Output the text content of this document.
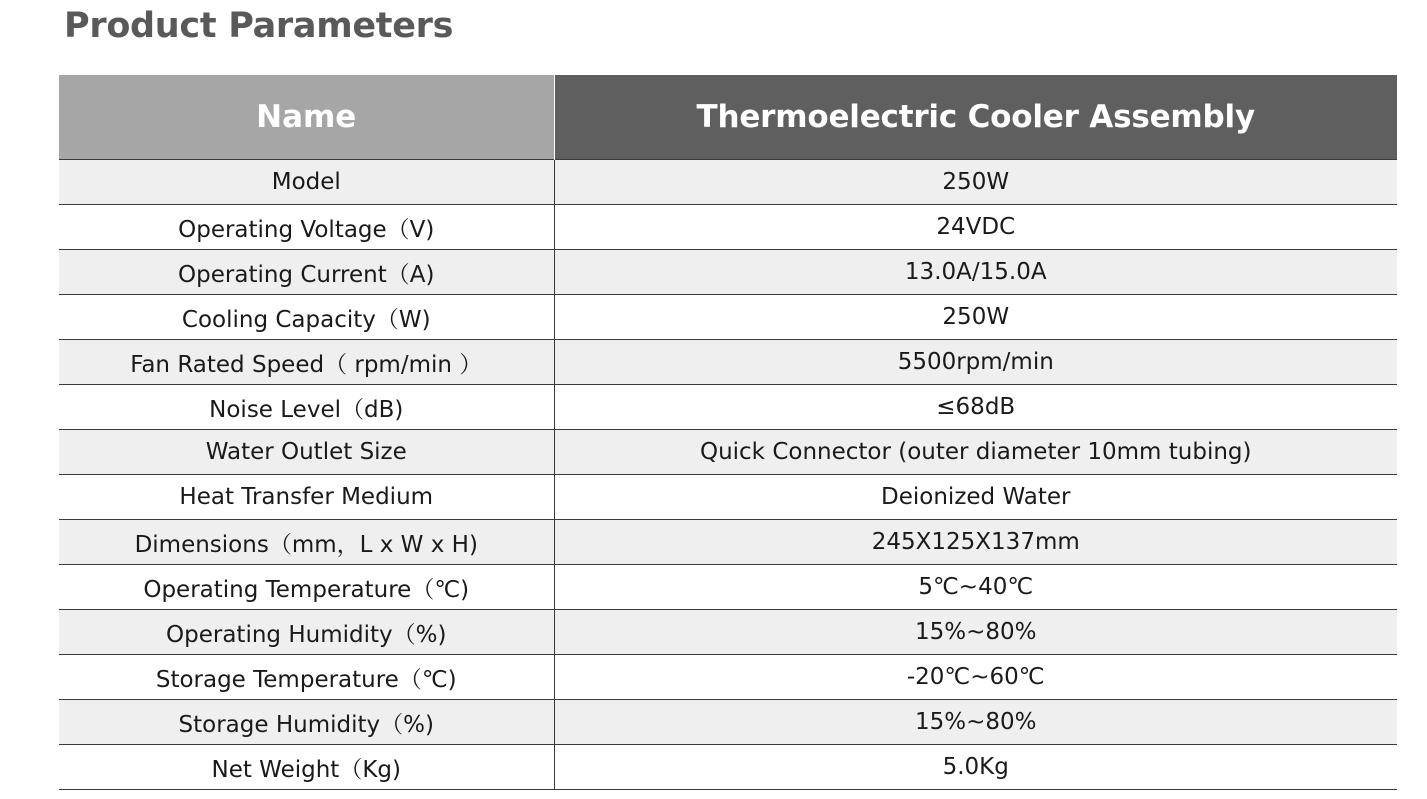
Product Parameters
Name	Thermoelectric Cooler Assembly
Model	250W
Operating Voltage（V)	24VDC
Operating Current（A)	13.0A/15.0A
Cooling Capacity（W)	250W
Fan Rated Speed（ rpm/min ）	5500rpm/min
Noise Level（dB)	≤68dB
Water Outlet Size	Quick Connector (outer diameter 10mm tubing)
Heat Transfer Medium	Deionized Water
Dimensions（mm，L x W x H)	245X125X137mm
Operating Temperature（℃)	5℃~40℃
Operating Humidity（%)	15%~80%
Storage Temperature（℃)	-20℃~60℃
Storage Humidity（%)	15%~80%
Net Weight（Kg)	5.0Kg
